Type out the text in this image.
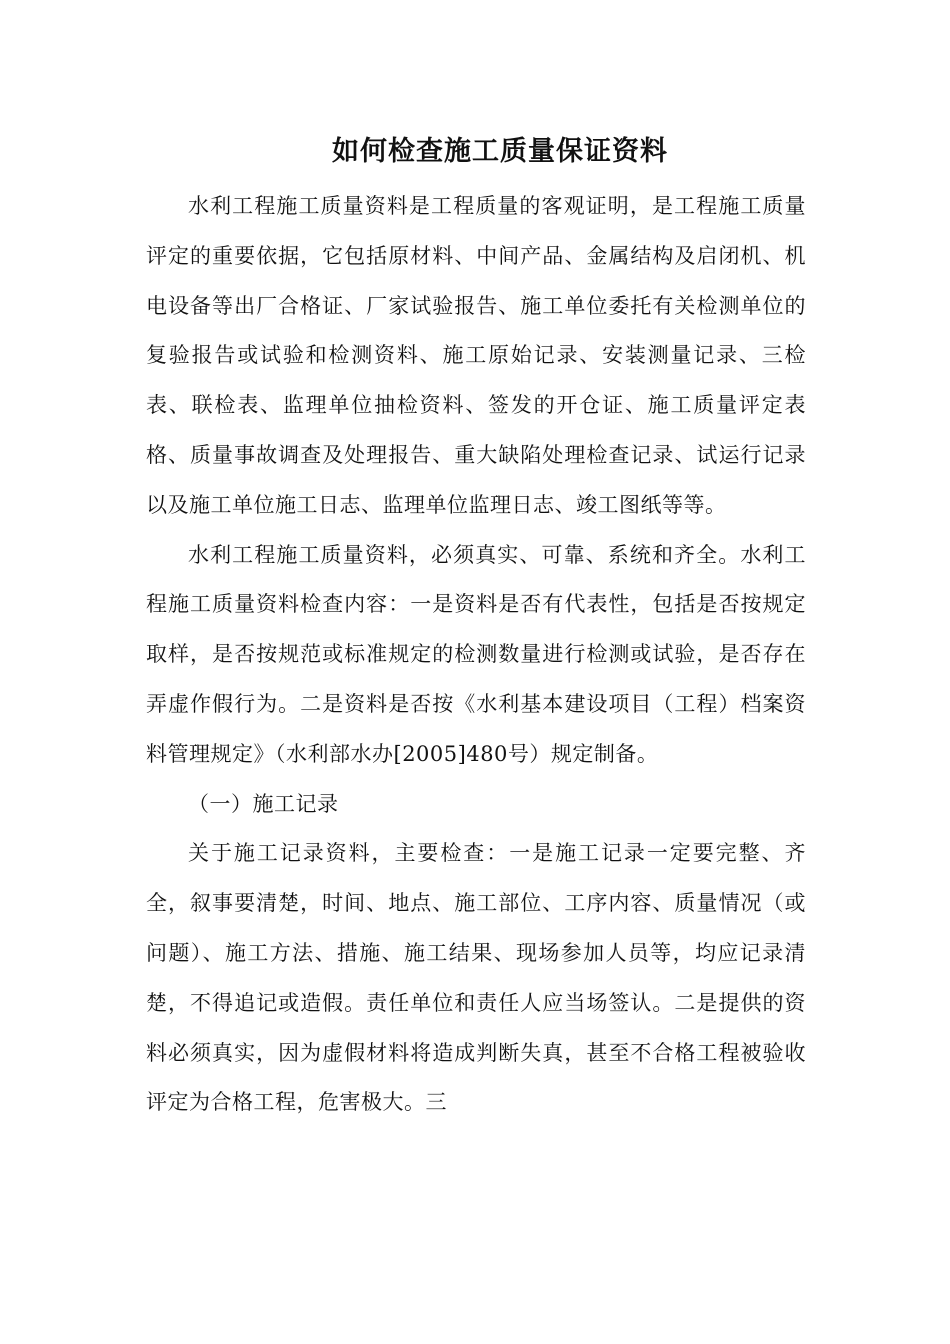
如何检查施工质量保证资料

水利工程施工质量资料是工程质量的客观证明，是工程施工质量评定的重要依据，它包括原材料、中间产品、金属结构及启闭机、机电设备等出厂合格证、厂家试验报告、施工单位委托有关检测单位的复验报告或试验和检测资料、施工原始记录、安装测量记录、三检表、联检表、监理单位抽检资料、签发的开仓证、施工质量评定表格、质量事故调查及处理报告、重大缺陷处理检查记录、试运行记录以及施工单位施工日志、监理单位监理日志、竣工图纸等等。

水利工程施工质量资料，必须真实、可靠、系统和齐全。水利工程施工质量资料检查内容：一是资料是否有代表性，包括是否按规定取样，是否按规范或标准规定的检测数量进行检测或试验，是否存在弄虚作假行为。二是资料是否按《水利基本建设项目（工程）档案资料管理规定》（水利部水办[2005]480号）规定制备。

（一）施工记录

关于施工记录资料，主要检查：一是施工记录一定要完整、齐全，叙事要清楚，时间、地点、施工部位、工序内容、质量情况（或问题）、施工方法、措施、施工结果、现场参加人员等，均应记录清楚，不得追记或造假。责任单位和责任人应当场签认。二是提供的资料必须真实，因为虚假材料将造成判断失真，甚至不合格工程被验收评定为合格工程，危害极大。三
